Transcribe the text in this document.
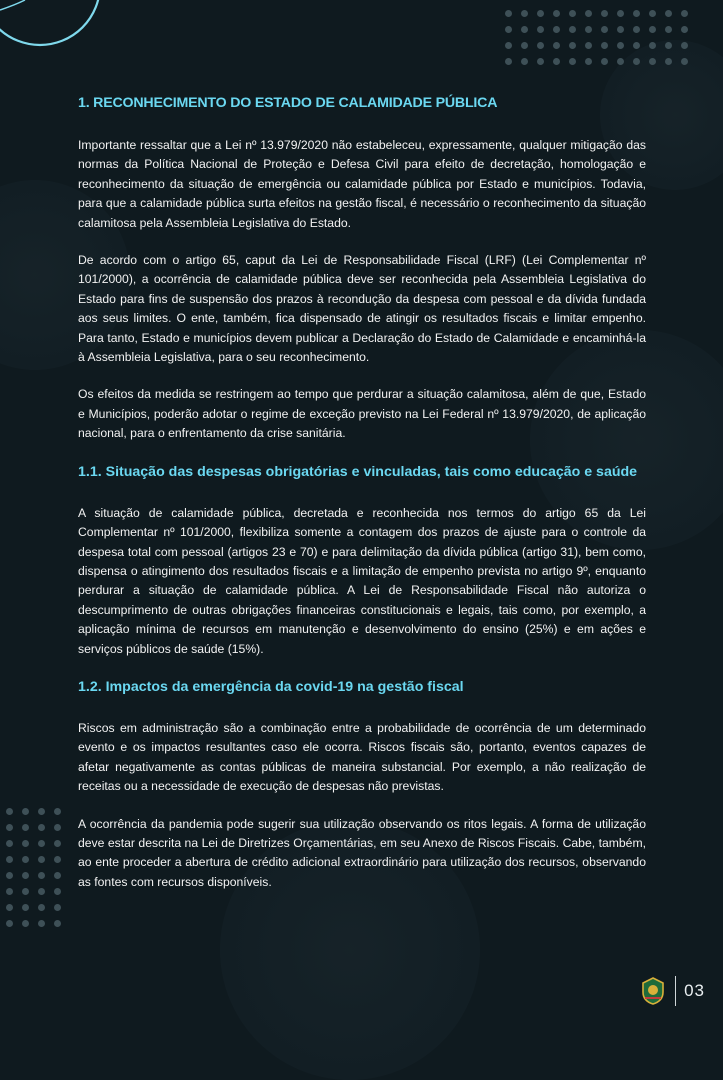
1. RECONHECIMENTO DO ESTADO DE CALAMIDADE PÚBLICA

Importante ressaltar que a Lei nº 13.979/2020 não estabeleceu, expressamente, qualquer mitigação das normas da Política Nacional de Proteção e Defesa Civil para efeito de decretação, homologação e reconhecimento da situação de emergência ou calamidade pública por Estado e municípios. Todavia, para que a calamidade pública surta efeitos na gestão fiscal, é necessário o reconhecimento da situação calamitosa pela Assembleia Legislativa do Estado.

De acordo com o artigo 65, caput da Lei de Responsabilidade Fiscal (LRF) (Lei Complementar nº 101/2000), a ocorrência de calamidade pública deve ser reconhecida pela Assembleia Legislativa do Estado para fins de suspensão dos prazos à recondução da despesa com pessoal e da dívida fundada aos seus limites. O ente, também, fica dispensado de atingir os resultados fiscais e limitar empenho. Para tanto, Estado e municípios devem publicar a Declaração do Estado de Calamidade e encaminhá-la à Assembleia Legislativa, para o seu reconhecimento.

Os efeitos da medida se restringem ao tempo que perdurar a situação calamitosa, além de que, Estado e Municípios, poderão adotar o regime de exceção previsto na Lei Federal nº 13.979/2020, de aplicação nacional, para o enfrentamento da crise sanitária.

1.1. Situação das despesas obrigatórias e vinculadas, tais como educação e saúde

A situação de calamidade pública, decretada e reconhecida nos termos do artigo 65 da Lei Complementar nº 101/2000, flexibiliza somente a contagem dos prazos de ajuste para o controle da despesa total com pessoal (artigos 23 e 70) e para delimitação da dívida pública (artigo 31), bem como, dispensa o atingimento dos resultados fiscais e a limitação de empenho prevista no artigo 9º, enquanto perdurar a situação de calamidade pública. A Lei de Responsabilidade Fiscal não autoriza o descumprimento de outras obrigações financeiras constitucionais e legais, tais como, por exemplo, a aplicação mínima de recursos em manutenção e desenvolvimento do ensino (25%) e em ações e serviços públicos de saúde (15%).

1.2. Impactos da emergência da covid-19 na gestão fiscal

Riscos em administração são a combinação entre a probabilidade de ocorrência de um determinado evento e os impactos resultantes caso ele ocorra. Riscos fiscais são, portanto, eventos capazes de afetar negativamente as contas públicas de maneira substancial. Por exemplo, a não realização de receitas ou a necessidade de execução de despesas não previstas.

A ocorrência da pandemia pode sugerir sua utilização observando os ritos legais. A forma de utilização deve estar descrita na Lei de Diretrizes Orçamentárias, em seu Anexo de Riscos Fiscais. Cabe, também, ao ente proceder a abertura de crédito adicional extraordinário para utilização dos recursos, observando as fontes com recursos disponíveis.

03
